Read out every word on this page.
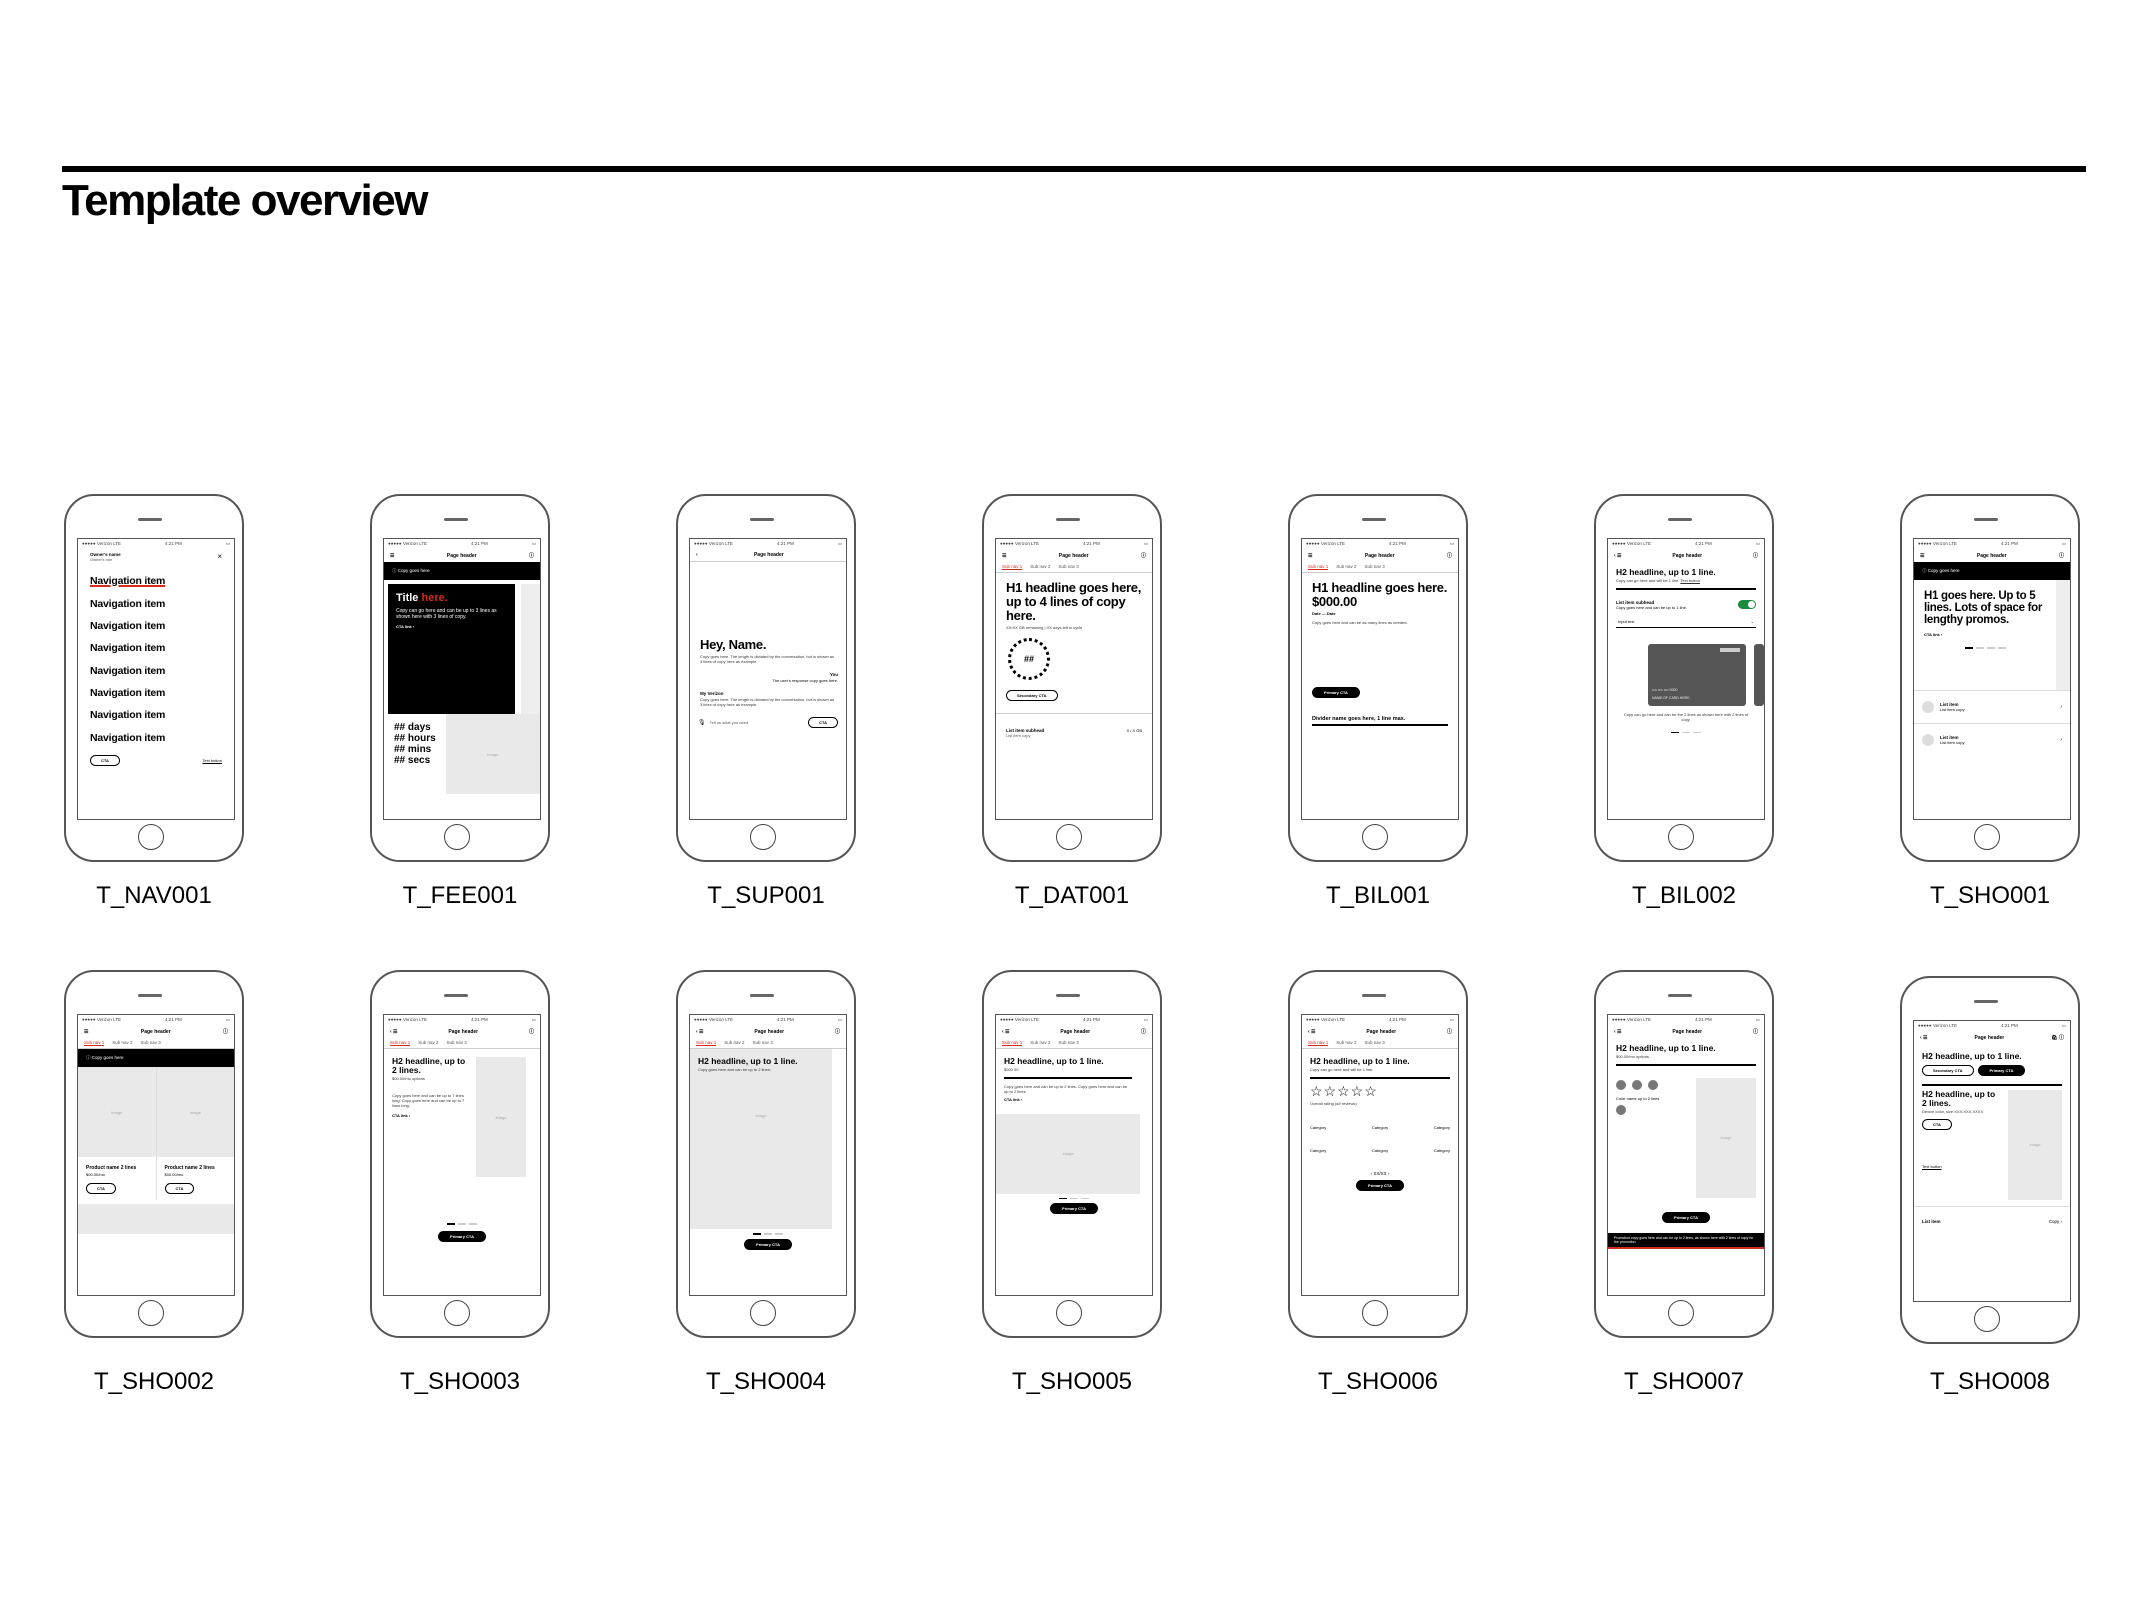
Template overview
●●●●● Verizon LTE	4:21 PM	▭
Owner's name
Owner's role	×
Navigation item
Navigation item
Navigation item
Navigation item
Navigation item
Navigation item
Navigation item
Navigation item
CTA	Text button
T_NAV001
●●●●● Verizon LTE	4:21 PM	▭
☰	Page header	ⓘ
ⓘ Copy goes here
Title here.
Copy can go here and can be up to 3 lines as shown here with 3 lines of copy.
CTA link ›
## days
## hours
## mins
## secs
Image
T_FEE001
●●●●● Verizon LTE	4:21 PM	▭
‹	Page header
Hey, Name.
Copy goes here. The length is dictated by the conversation, but is shown as 3 lines of copy here as example.
You
The user's response copy goes here.
My Verizon
Copy goes here. The length is dictated by the conversation, but is shown as 3 lines of copy here as example.
🎙	Tell us what you need	CTA
T_SUP001
●●●●● Verizon LTE	4:21 PM	▭
☰	Page header	ⓘ
Sub nav 1 Sub nav 2 Sub nav 3
H1 headline goes here, up to 4 lines of copy here.
XX/XX GB remaining | XX days left in cycle
##
Secondary CTA
List item subhead
List item copy
X / X GB
T_DAT001
●●●●● Verizon LTE	4:21 PM	▭
☰	Page header	ⓘ
Sub nav 1 Sub nav 2 Sub nav 3
H1 headline goes here. $000.00
Date — Date
Copy goes here and can be as many lines as needed.
Primary CTA
Divider name goes here, 1 line max.
T_BIL001
●●●●● Verizon LTE	4:21 PM	▭
‹ ☰	Page header	ⓘ
H2 headline, up to 1 line.
Copy can go here and will be 1 line. Text button
List item subhead
Copy goes here and can be up to 1 line.
Input text	⌄
•••• •••• •••• 0000
NAME OF CARD HERE
Copy can go here and can be the 2 lines as shown here with 2 lines of copy.
T_BIL002
●●●●● Verizon LTE	4:21 PM	▭
☰	Page header	ⓘ
ⓘ Copy goes here
H1 goes here. Up to 5 lines. Lots of space for lengthy promos.
CTA link ›
List item
List item copy	›
List item
List item copy	›
T_SHO001
●●●●● Verizon LTE	4:21 PM	▭
☰	Page header	ⓘ
Sub nav 1 Sub nav 2 Sub nav 3
ⓘ Copy goes here
Image
Product name 2 lines
$00.00/mo
CTA
Image
Product name 2 lines
$00.00/mo
CTA
T_SHO002
●●●●● Verizon LTE	4:21 PM	▭
‹ ☰	Page header	ⓘ
Sub nav 1 Sub nav 2 Sub nav 3
H2 headline, up to 2 lines.
$00.00/mo options
Copy goes here and can be up to 7 lines long. Copy goes here and can be up to 7 lines long.
CTA link ›	Image
Primary CTA
T_SHO003
●●●●● Verizon LTE	4:21 PM	▭
‹ ☰	Page header	ⓘ
Sub nav 1 Sub nav 2 Sub nav 3
H2 headline, up to 1 line.
Copy goes here and can be up to 2 lines.
Image
Primary CTA
T_SHO004
●●●●● Verizon LTE	4:21 PM	▭
‹ ☰	Page header	ⓘ
Sub nav 1 Sub nav 2 Sub nav 3
H2 headline, up to 1 line.
$000.00
Copy goes here and can be up to 2 lines. Copy goes here and can be up to 2 lines.
CTA link ›
Image
Primary CTA
T_SHO005
●●●●● Verizon LTE	4:21 PM	▭
‹ ☰	Page header	ⓘ
Sub nav 1 Sub nav 2 Sub nav 3
H2 headline, up to 1 line.
Copy can go here and will be 1 line.
☆☆☆☆☆
Overall rating (## reviews)
Category	Category	Category
Category	Category	Category
‹ XX/XX ›
Primary CTA
T_SHO006
●●●●● Verizon LTE	4:21 PM	▭
‹ ☰	Page header	ⓘ
H2 headline, up to 1 line.
$00.00/mo options
Color name up to 2 lines
Image
Primary CTA
Promotion copy goes here and can be up to 2 lines, as shown here with 2 lines of copy for the promotion.
T_SHO007
●●●●● Verizon LTE	4:21 PM	▭
‹ ☰	Page header	🛍 ⓘ
H2 headline, up to 1 line.
Secondary CTA	Primary CTA
H2 headline, up to 2 lines.
Device color, size XXX,XXX,XXXX
CTA
Text button
Image
List item	Copy ›
T_SHO008
